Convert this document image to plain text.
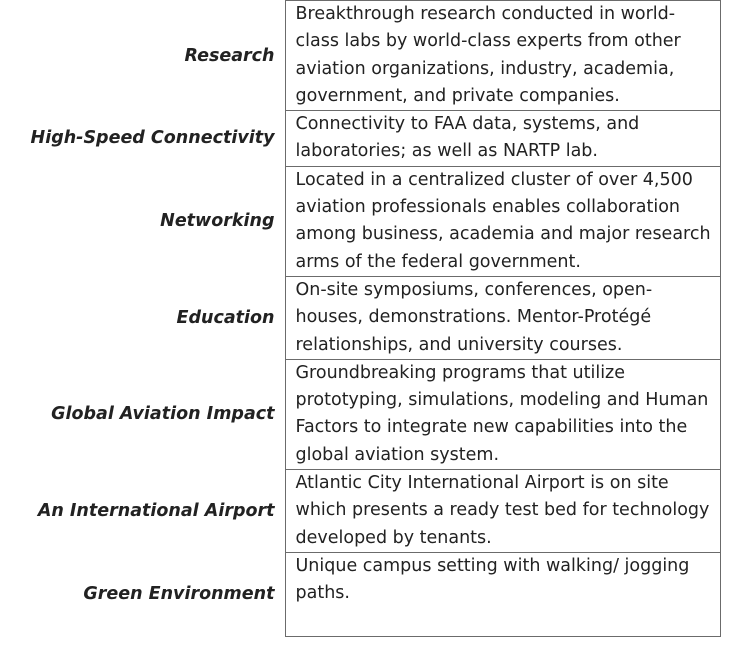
Research	Breakthrough research conducted in world-class labs by world-class experts from other aviation organizations, industry, academia, government, and private companies.
High-Speed Connectivity	Connectivity to FAA data, systems, and laboratories; as well as NARTP lab.
Networking	Located in a centralized cluster of over 4,500 aviation professionals enables collaboration among business, academia and major research arms of the federal government.
Education	On-site symposiums, conferences, open-houses, demonstrations. Mentor-Protégé relationships, and university courses.
Global Aviation Impact	Groundbreaking programs that utilize prototyping, simulations, modeling and Human Factors to integrate new capabilities into the global aviation system.
An International Airport	Atlantic City International Airport is on site which presents a ready test bed for technology developed by tenants.
Green Environment	Unique campus setting with walking/ jogging paths.
